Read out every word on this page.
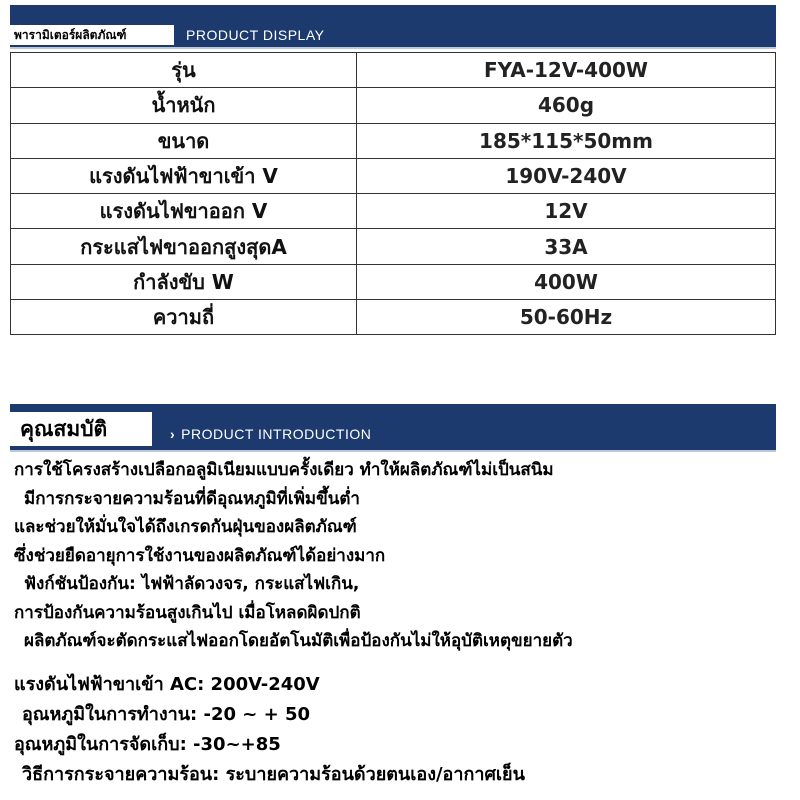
พารามิเตอร์ผลิตภัณฑ์	PRODUCT DISPLAY
รุ่น	FYA-12V-400W
น้ำหนัก	460g
ขนาด	185*115*50mm
แรงดันไฟฟ้าขาเข้า V	190V-240V
แรงดันไฟขาออก V	12V
กระแสไฟขาออกสูงสุดA	33A
กำลังขับ W	400W
ความถี่	50-60Hz
คุณสมบัติ	› PRODUCT INTRODUCTION
การใช้โครงสร้างเปลือกอลูมิเนียมแบบครั้งเดียว ทำให้ผลิตภัณฑ์ไม่เป็นสนิม
มีการกระจายความร้อนที่ดีอุณหภูมิที่เพิ่มขึ้นต่ำ
และช่วยให้มั่นใจได้ถึงเกรดกันฝุ่นของผลิตภัณฑ์
ซึ่งช่วยยืดอายุการใช้งานของผลิตภัณฑ์ได้อย่างมาก
ฟังก์ชันป้องกัน: ไฟฟ้าลัดวงจร, กระแสไฟเกิน,
การป้องกันความร้อนสูงเกินไป เมื่อโหลดผิดปกติ
ผลิตภัณฑ์จะตัดกระแสไฟออกโดยอัตโนมัติเพื่อป้องกันไม่ให้อุบัติเหตุขยายตัว
แรงดันไฟฟ้าขาเข้า AC: 200V-240V
อุณหภูมิในการทำงาน: -20 ~ + 50
อุณหภูมิในการจัดเก็บ: -30~+85
วิธีการกระจายความร้อน: ระบายความร้อนด้วยตนเอง/อากาศเย็น
